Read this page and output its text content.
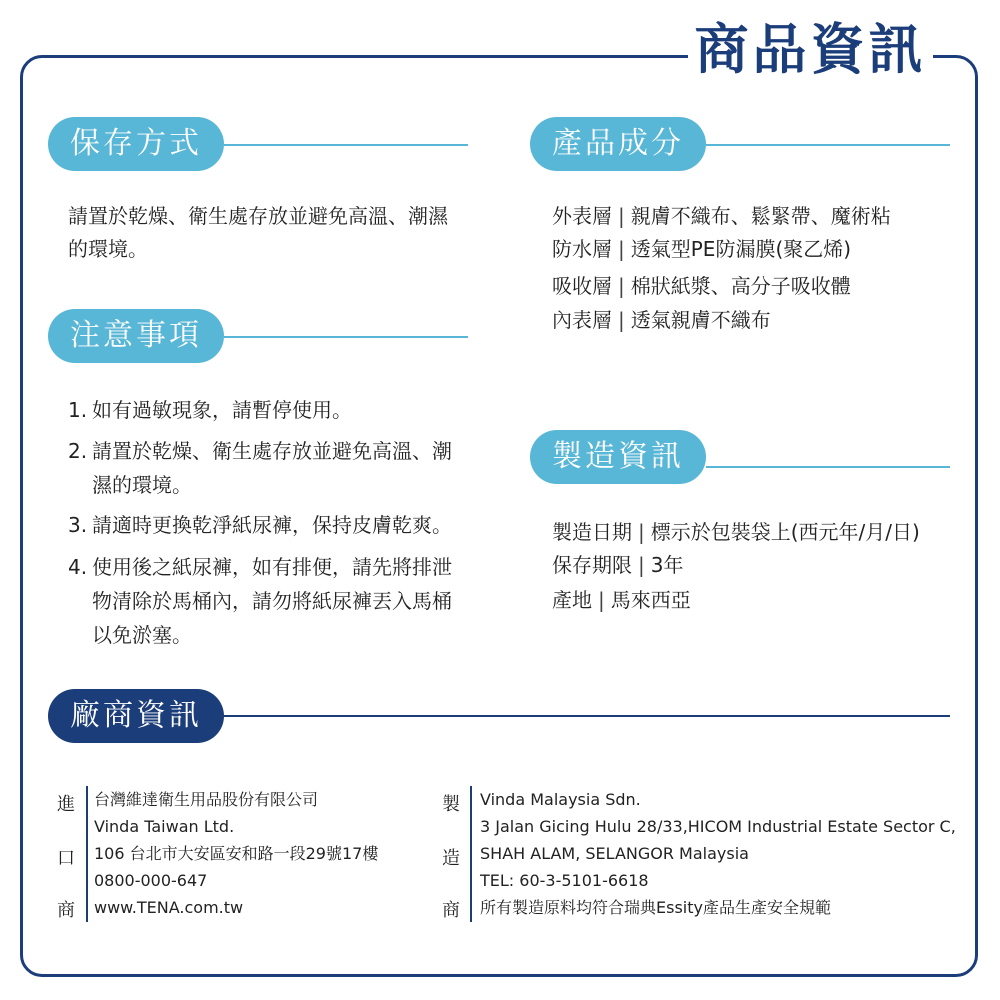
商品資訊
保存方式
請置於乾燥、衛生處存放並避免高溫、潮濕
的環境。
注意事項
1. 如有過敏現象，請暫停使用。
2. 請置於乾燥、衛生處存放並避免高溫、潮
濕的環境。
3. 請適時更換乾淨紙尿褲，保持皮膚乾爽。
4. 使用後之紙尿褲，如有排便，請先將排泄
物清除於馬桶內，請勿將紙尿褲丟入馬桶
以免淤塞。
產品成分
外表層 | 親膚不織布、鬆緊帶、魔術粘
防水層 | 透氣型PE防漏膜(聚乙烯)
吸收層 | 棉狀紙漿、高分子吸收體
內表層 | 透氣親膚不織布
製造資訊
製造日期 | 標示於包裝袋上(西元年/月/日)
保存期限 | 3年
產地 | 馬來西亞
廠商資訊
進
口
商
台灣維達衛生用品股份有限公司
Vinda Taiwan Ltd.
106 台北市大安區安和路一段29號17樓
0800-000-647
www.TENA.com.tw
製
造
商
Vinda Malaysia Sdn.
3 Jalan Gicing Hulu 28/33,HICOM Industrial Estate Sector C,
SHAH ALAM, SELANGOR Malaysia
TEL: 60-3-5101-6618
所有製造原料均符合瑞典Essity產品生產安全規範
